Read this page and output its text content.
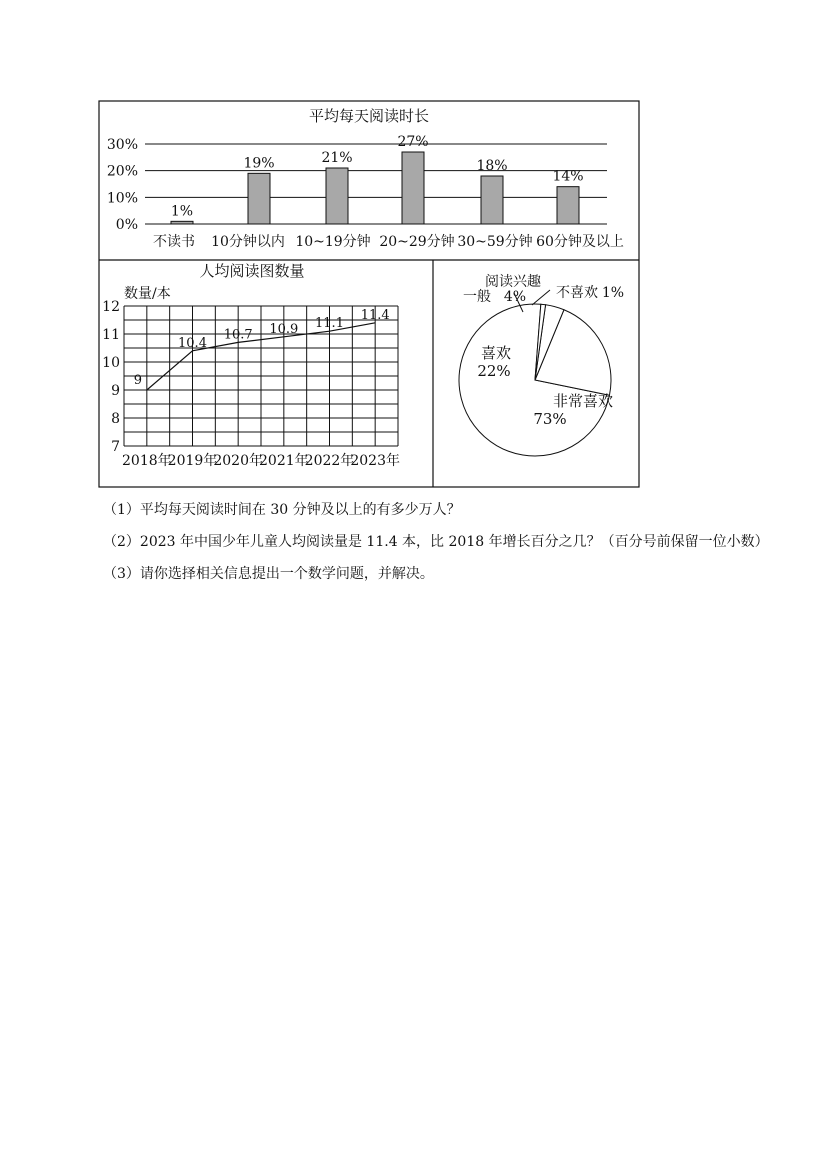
平均每天阅读时长
0%
10%
20%
30%
1%
19%	21%
27%
18%
14%
不读书 10分钟以内 10~19分钟 20~29分钟 30~59分钟 60分钟及以上
人均阅读图数量
数量/本
7
8
9
10
11
12
2018年
2019年
2020年
2021年
2022年
2023年
9
10.4
10.7 10.9 11.1
11.4
阅读兴趣
非常喜欢
73%
喜欢
22%
一般 4% 不喜欢 1%
（1）平均每天阅读时间在 30 分钟及以上的有多少万人？
（2）2023 年中国少年儿童人均阅读量是 11.4 本，比 2018 年增长百分之几？（百分号前保留一位小数）
（3）请你选择相关信息提出一个数学问题，并解决。
